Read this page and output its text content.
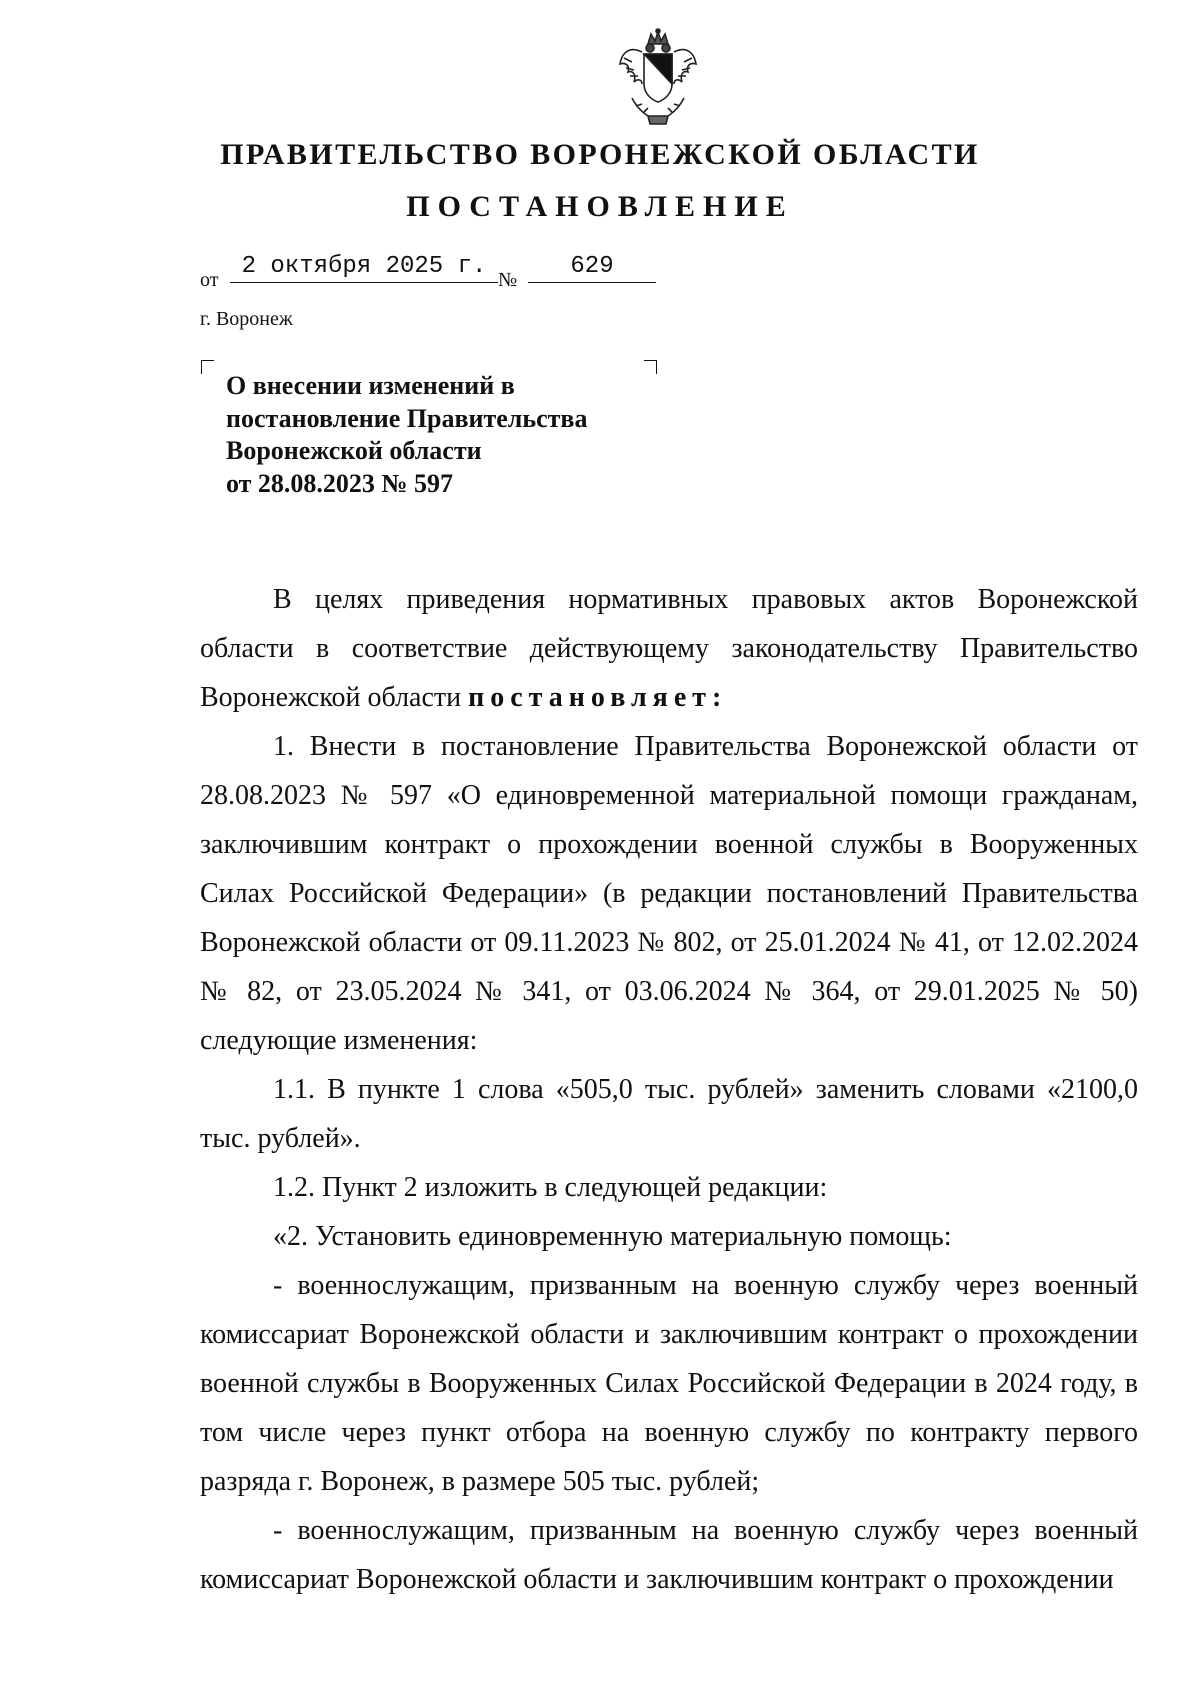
ПРАВИТЕЛЬСТВО ВОРОНЕЖСКОЙ ОБЛАСТИ
ПОСТАНОВЛЕНИЕ
от 2 октября 2025 г. №	629
г. Воронеж
О внесении изменений в
постановление Правительства
Воронежской области
от 28.08.2023 № 597

В целях приведения нормативных правовых актов Воронежской области в соответствие действующему законодательству Правительство Воронежской области постановляет:

1. Внести в постановление Правительства Воронежской области от 28.08.2023 № 597 «О единовременной материальной помощи гражданам, заключившим контракт о прохождении военной службы в Вооруженных Силах Российской Федерации» (в редакции постановлений Правительства Воронежской области от 09.11.2023 № 802, от 25.01.2024 № 41, от 12.02.2024 № 82, от 23.05.2024 № 341, от 03.06.2024 № 364, от 29.01.2025 № 50) следующие изменения:

1.1. В пункте 1 слова «505,0 тыс. рублей» заменить словами «2100,0 тыс. рублей».

1.2. Пункт 2 изложить в следующей редакции:

«2. Установить единовременную материальную помощь:

- военнослужащим, призванным на военную службу через военный комиссариат Воронежской области и заключившим контракт о прохождении военной службы в Вооруженных Силах Российской Федерации в 2024 году, в том числе через пункт отбора на военную службу по контракту первого разряда г. Воронеж, в размере 505 тыс. рублей;

- военнослужащим, призванным на военную службу через военный комиссариат Воронежской области и заключившим контракт о прохождении
